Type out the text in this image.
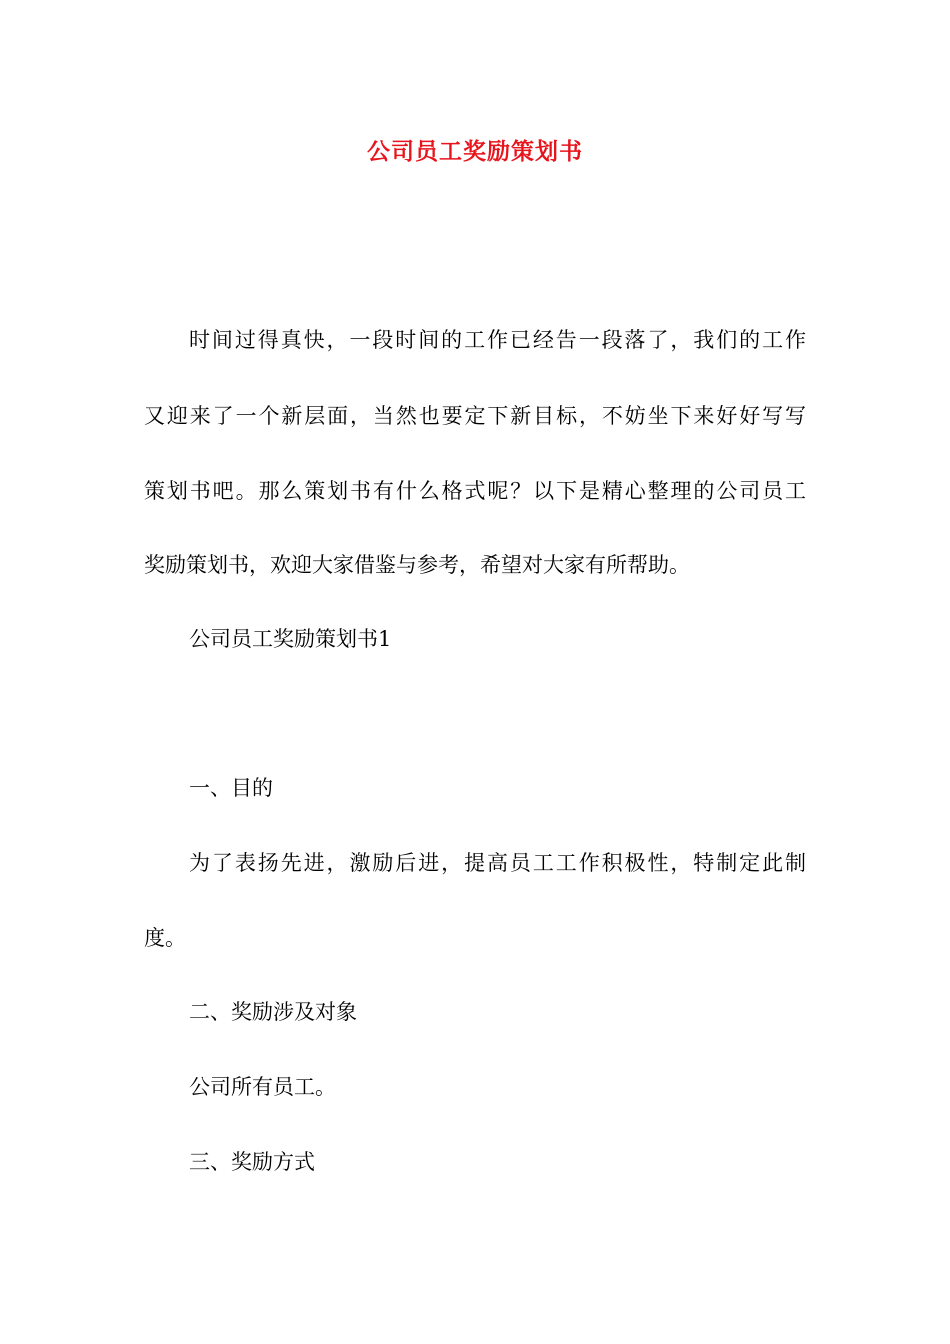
公司员工奖励策划书
时间过得真快，一段时间的工作已经告一段落了，我们的工作
又迎来了一个新层面，当然也要定下新目标，不妨坐下来好好写写
策划书吧。那么策划书有什么格式呢？以下是精心整理的公司员工
奖励策划书，欢迎大家借鉴与参考，希望对大家有所帮助。
公司员工奖励策划书1
一、目的
为了表扬先进，激励后进，提高员工工作积极性，特制定此制
度。
二、奖励涉及对象
公司所有员工。
三、奖励方式
